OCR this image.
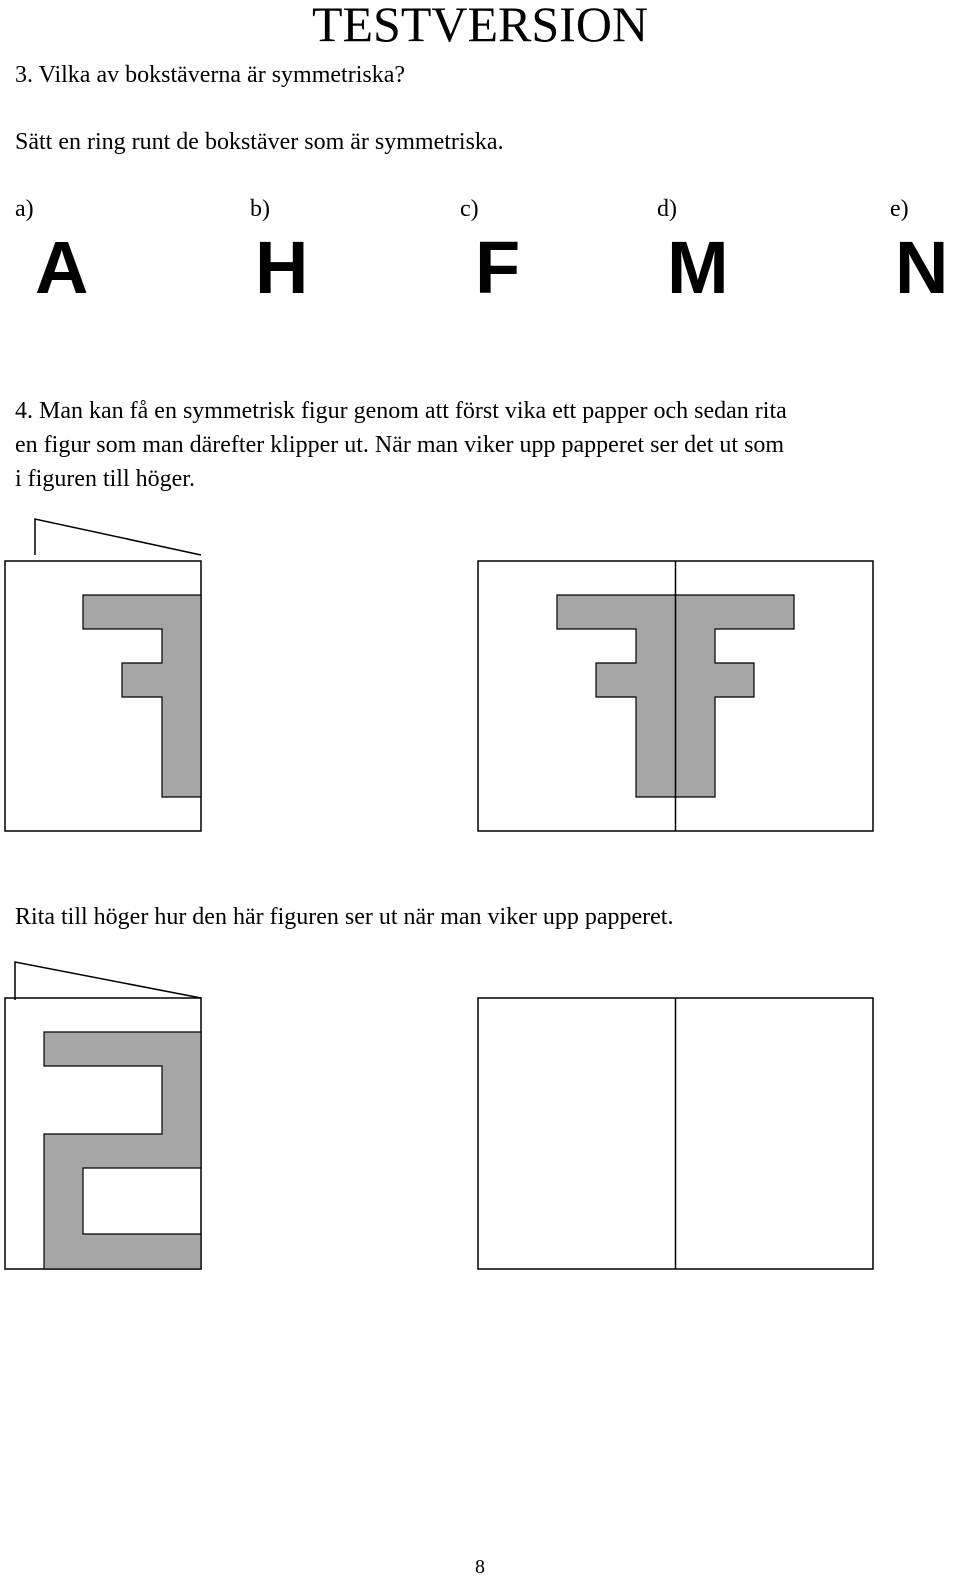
TESTVERSION
3. Vilka av bokstäverna är symmetriska?
Sätt en ring runt de bokstäver som är symmetriska.
a)	b)	c)	d)	e)
A H F M N
4. Man kan få en symmetrisk figur genom att först vika ett papper och sedan rita
en figur som man därefter klipper ut. När man viker upp papperet ser det ut som
i figuren till höger.
Rita till höger hur den här figuren ser ut när man viker upp papperet.
8
